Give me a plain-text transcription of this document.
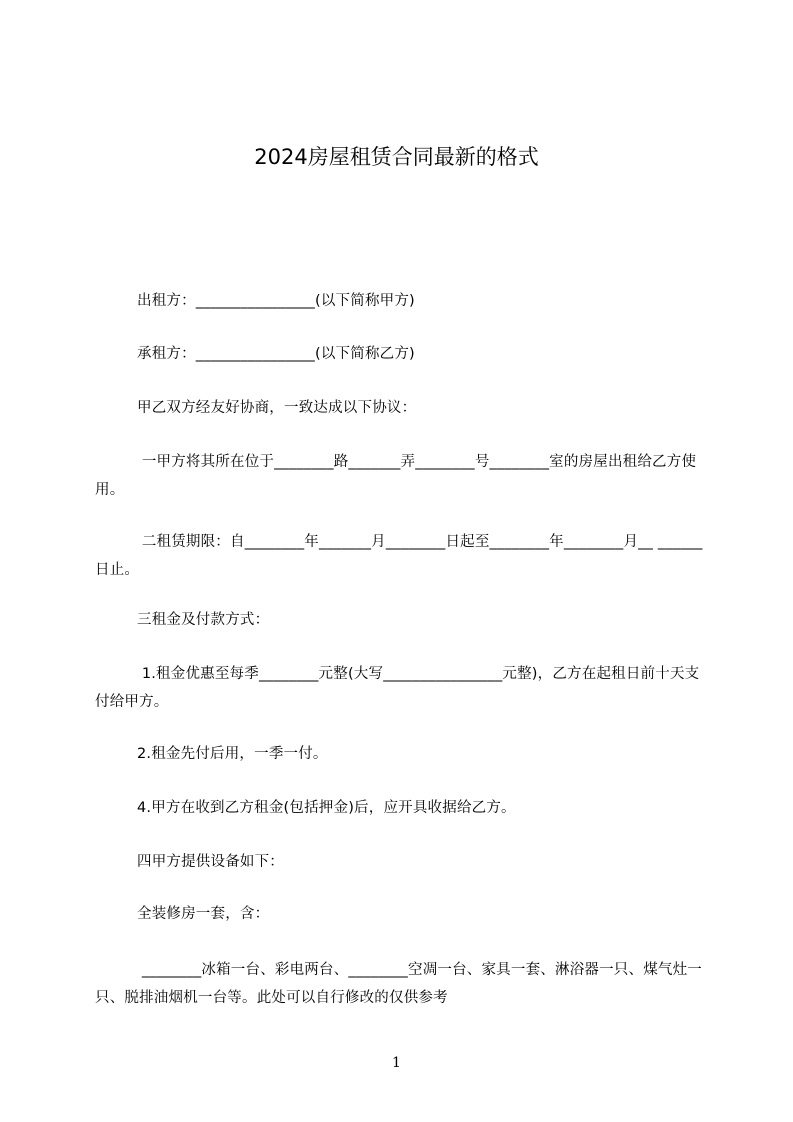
2024房屋租赁合同最新的格式
出租方：________________(以下简称甲方)
承租方：________________(以下简称乙方)
甲乙双方经友好协商，一致达成以下协议：
一甲方将其所在位于________路_______弄________号________室的房屋出租给乙方使用。
二租赁期限：自________年_______月________日起至________年________月__ ______日止。
三租金及付款方式：
1.租金优惠至每季________元整(大写________________元整)，乙方在起租日前十天支付给甲方。
2.租金先付后用，一季一付。
4.甲方在收到乙方租金(包括押金)后，应开具收据给乙方。
四甲方提供设备如下：
全装修房一套，含：
________冰箱一台、彩电两台、________空凋一台、家具一套、淋浴器一只、煤气灶一只、脱排油烟机一台等。此处可以自行修改的仅供参考
1
